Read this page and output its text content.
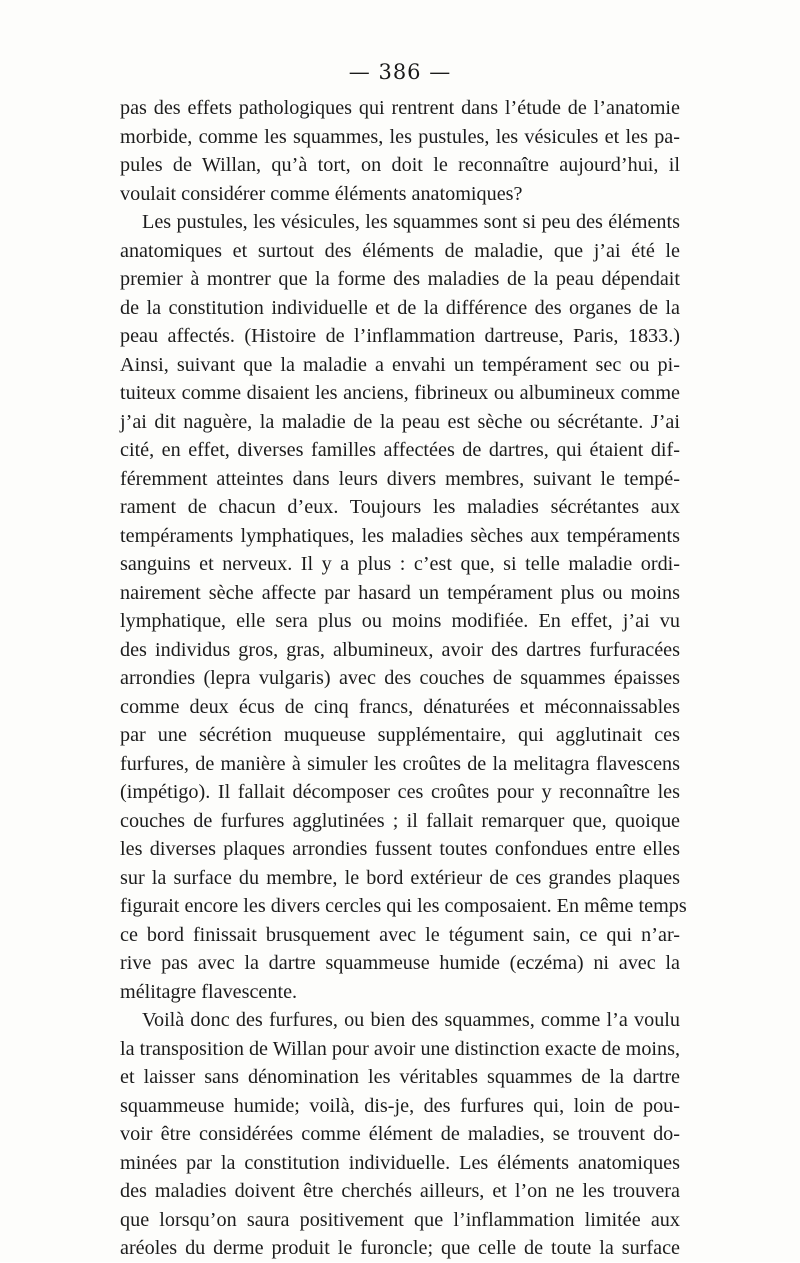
— 386 —
pas des effets pathologiques qui rentrent dans l’étude de l’anatomie
morbide, comme les squammes, les pustules, les vésicules et les pa-
pules de Willan, qu’à tort, on doit le reconnaître aujourd’hui, il
voulait considérer comme éléments anatomiques?
Les pustules, les vésicules, les squammes sont si peu des éléments
anatomiques et surtout des éléments de maladie, que j’ai été le
premier à montrer que la forme des maladies de la peau dépendait
de la constitution individuelle et de la différence des organes de la
peau affectés. (Histoire de l’inflammation dartreuse, Paris, 1833.)
Ainsi, suivant que la maladie a envahi un tempérament sec ou pi-
tuiteux comme disaient les anciens, fibrineux ou albumineux comme
j’ai dit naguère, la maladie de la peau est sèche ou sécrétante. J’ai
cité, en effet, diverses familles affectées de dartres, qui étaient dif-
féremment atteintes dans leurs divers membres, suivant le tempé-
rament de chacun d’eux. Toujours les maladies sécrétantes aux
tempéraments lymphatiques, les maladies sèches aux tempéraments
sanguins et nerveux. Il y a plus : c’est que, si telle maladie ordi-
nairement sèche affecte par hasard un tempérament plus ou moins
lymphatique, elle sera plus ou moins modifiée. En effet, j’ai vu
des individus gros, gras, albumineux, avoir des dartres furfuracées
arrondies (lepra vulgaris) avec des couches de squammes épaisses
comme deux écus de cinq francs, dénaturées et méconnaissables
par une sécrétion muqueuse supplémentaire, qui agglutinait ces
furfures, de manière à simuler les croûtes de la melitagra flavescens
(impétigo). Il fallait décomposer ces croûtes pour y reconnaître les
couches de furfures agglutinées ; il fallait remarquer que, quoique
les diverses plaques arrondies fussent toutes confondues entre elles
sur la surface du membre, le bord extérieur de ces grandes plaques
figurait encore les divers cercles qui les composaient. En même temps
ce bord finissait brusquement avec le tégument sain, ce qui n’ar-
rive pas avec la dartre squammeuse humide (eczéma) ni avec la
mélitagre flavescente.
Voilà donc des furfures, ou bien des squammes, comme l’a voulu
la transposition de Willan pour avoir une distinction exacte de moins,
et laisser sans dénomination les véritables squammes de la dartre
squammeuse humide; voilà, dis-je, des furfures qui, loin de pou-
voir être considérées comme élément de maladies, se trouvent do-
minées par la constitution individuelle. Les éléments anatomiques
des maladies doivent être cherchés ailleurs, et l’on ne les trouvera
que lorsqu’on saura positivement que l’inflammation limitée aux
aréoles du derme produit le furoncle; que celle de toute la surface
